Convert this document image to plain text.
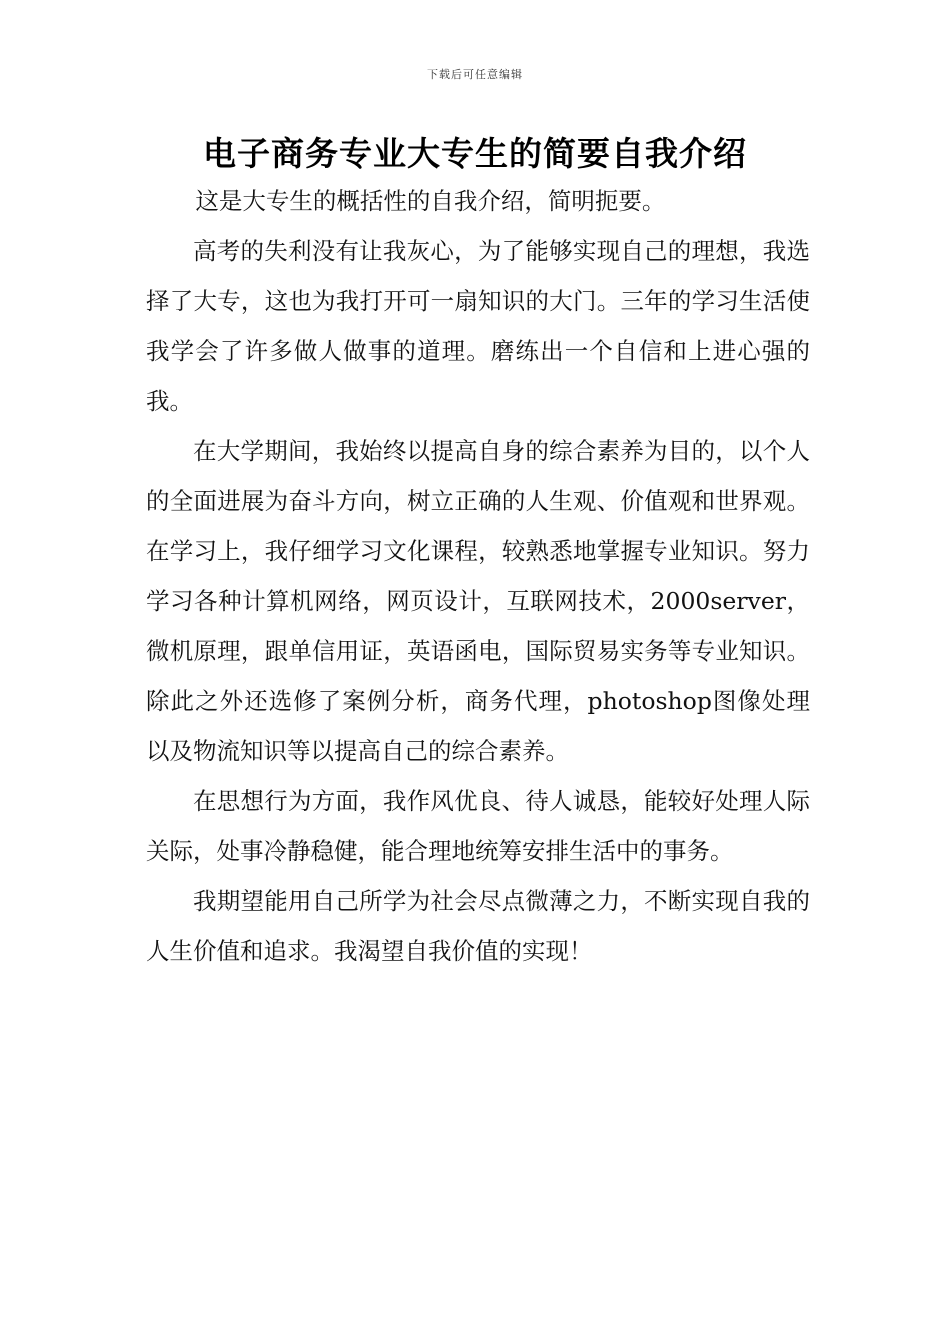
下载后可任意编辑
电子商务专业大专生的简要自我介绍

这是大专生的概括性的自我介绍，简明扼要。

高考的失利没有让我灰心，为了能够实现自己的理想，我选择了大专，这也为我打开可一扇知识的大门。三年的学习生活使我学会了许多做人做事的道理。磨练出一个自信和上进心强的我。

在大学期间，我始终以提高自身的综合素养为目的，以个人的全面进展为奋斗方向，树立正确的人生观、价值观和世界观。在学习上，我仔细学习文化课程，较熟悉地掌握专业知识。努力学习各种计算机网络，网页设计，互联网技术，2000server，微机原理，跟单信用证，英语函电，国际贸易实务等专业知识。除此之外还选修了案例分析，商务代理，photoshop图像处理以及物流知识等以提高自己的综合素养。

在思想行为方面，我作风优良、待人诚恳，能较好处理人际关际，处事冷静稳健，能合理地统筹安排生活中的事务。

我期望能用自己所学为社会尽点微薄之力，不断实现自我的人生价值和追求。我渴望自我价值的实现！
